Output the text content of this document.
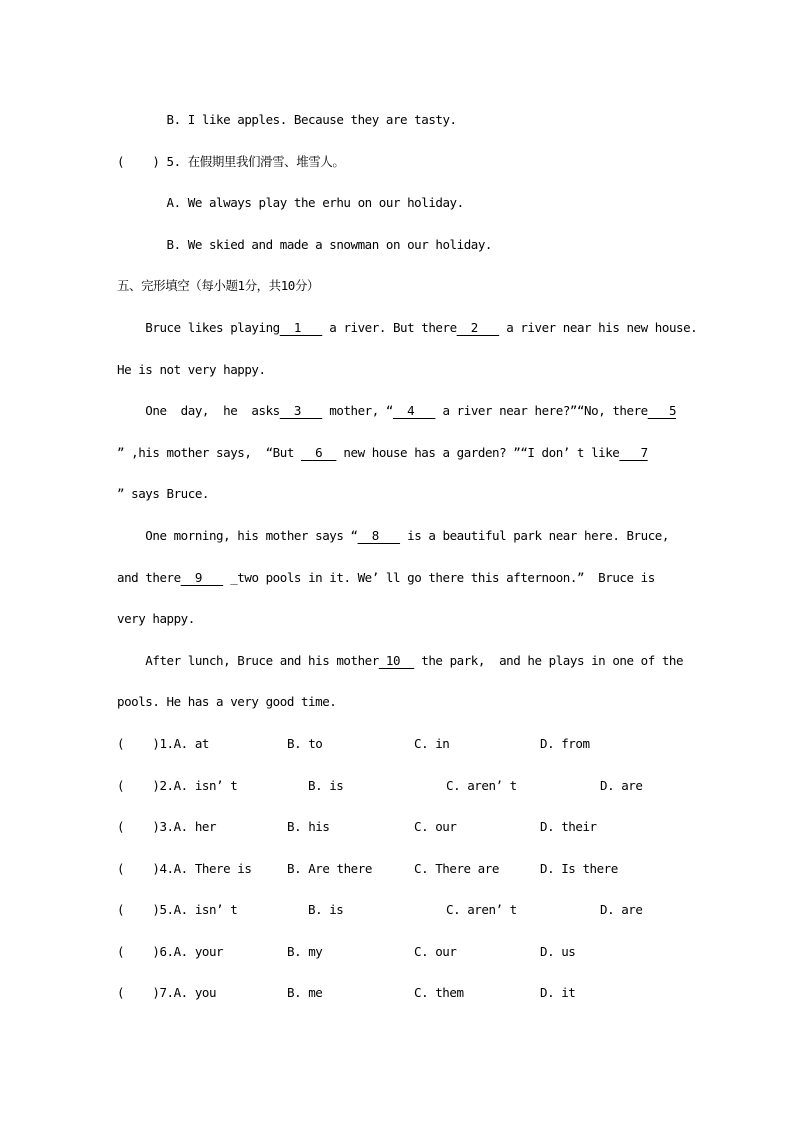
B. I like apples. Because they are tasty.
(    ) 5. 在假期里我们滑雪、堆雪人。
A. We always play the erhu on our holiday.
B. We skied and made a snowman on our holiday.
五、完形填空（每小题1分，共10分）
Bruce likes playing  1    a river. But there  2    a river near his new house.
He is not very happy.
One  day,  he  asks  3    mother, “  4    a river near here?”“No, there   5
” ,his mother says,  “But   6   new house has a garden? ”“I don’ t like   7
” says Bruce.
One morning, his mother says “  8    is a beautiful park near here. Bruce,
and there  9    _two pools in it. We’ ll go there this afternoon.”  Bruce is
very happy.
After lunch, Bruce and his mother 10   the park,  and he plays in one of the
pools. He has a very good time.
(    )1.A. at	B. to	C. in	D. from
(    )2.A. isn’ t	B. is	C. aren’ t	D. are
(    )3.A. her	B. his	C. our	D. their
(    )4.A. There is	B. Are there	C. There are	D. Is there
(    )5.A. isn’ t	B. is	C. aren’ t	D. are
(    )6.A. your	B. my	C. our	D. us
(    )7.A. you	B. me	C. them	D. it
